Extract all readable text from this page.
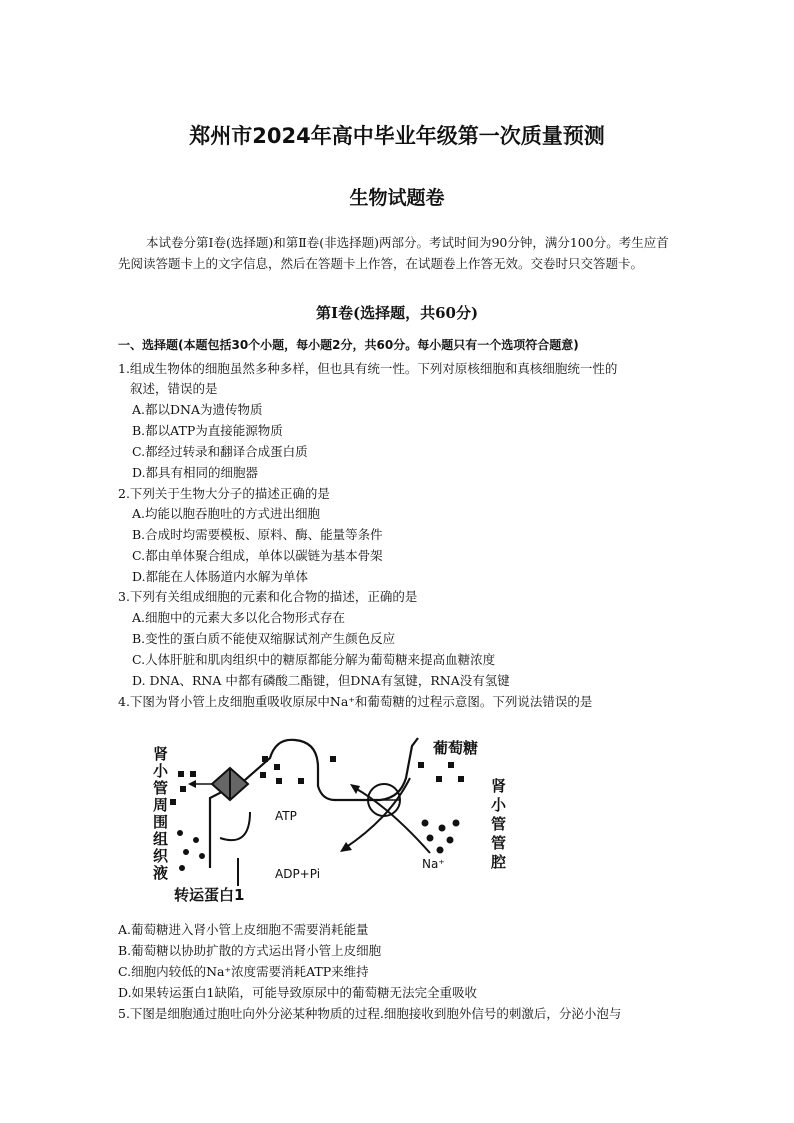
郑州市2024年高中毕业年级第一次质量预测
生物试题卷
本试卷分第Ⅰ卷(选择题)和第Ⅱ卷(非选择题)两部分。考试时间为90分钟，满分100分。考生应首先阅读答题卡上的文字信息，然后在答题卡上作答，在试题卷上作答无效。交卷时只交答题卡。
第Ⅰ卷(选择题，共60分)
一、选择题(本题包括30个小题，每小题2分，共60分。每小题只有一个选项符合题意)
1.组成生物体的细胞虽然多种多样，但也具有统一性。下列对原核细胞和真核细胞统一性的
叙述，错误的是
A.都以DNA为遗传物质
B.都以ATP为直接能源物质
C.都经过转录和翻译合成蛋白质
D.都具有相同的细胞器
2.下列关于生物大分子的描述正确的是
A.均能以胞吞胞吐的方式进出细胞
B.合成时均需要模板、原料、酶、能量等条件
C.都由单体聚合组成，单体以碳链为基本骨架
D.都能在人体肠道内水解为单体
3.下列有关组成细胞的元素和化合物的描述，正确的是
A.细胞中的元素大多以化合物形式存在
B.变性的蛋白质不能使双缩脲试剂产生颜色反应
C.人体肝脏和肌肉组织中的糖原都能分解为葡萄糖来提高血糖浓度
D. DNA、RNA 中都有磷酸二酯键，但DNA有氢键，RNA没有氢键
4.下图为肾小管上皮细胞重吸收原尿中Na⁺和葡萄糖的过程示意图。下列说法错误的是
肾小管周围组织液	肾小管管腔
葡萄糖
ATP
ADP+Pi
Na⁺
转运蛋白1
A.葡萄糖进入肾小管上皮细胞不需要消耗能量
B.葡萄糖以协助扩散的方式运出肾小管上皮细胞
C.细胞内较低的Na⁺浓度需要消耗ATP来维持
D.如果转运蛋白1缺陷，可能导致原尿中的葡萄糖无法完全重吸收
5.下图是细胞通过胞吐向外分泌某种物质的过程.细胞接收到胞外信号的刺激后，分泌小泡与
